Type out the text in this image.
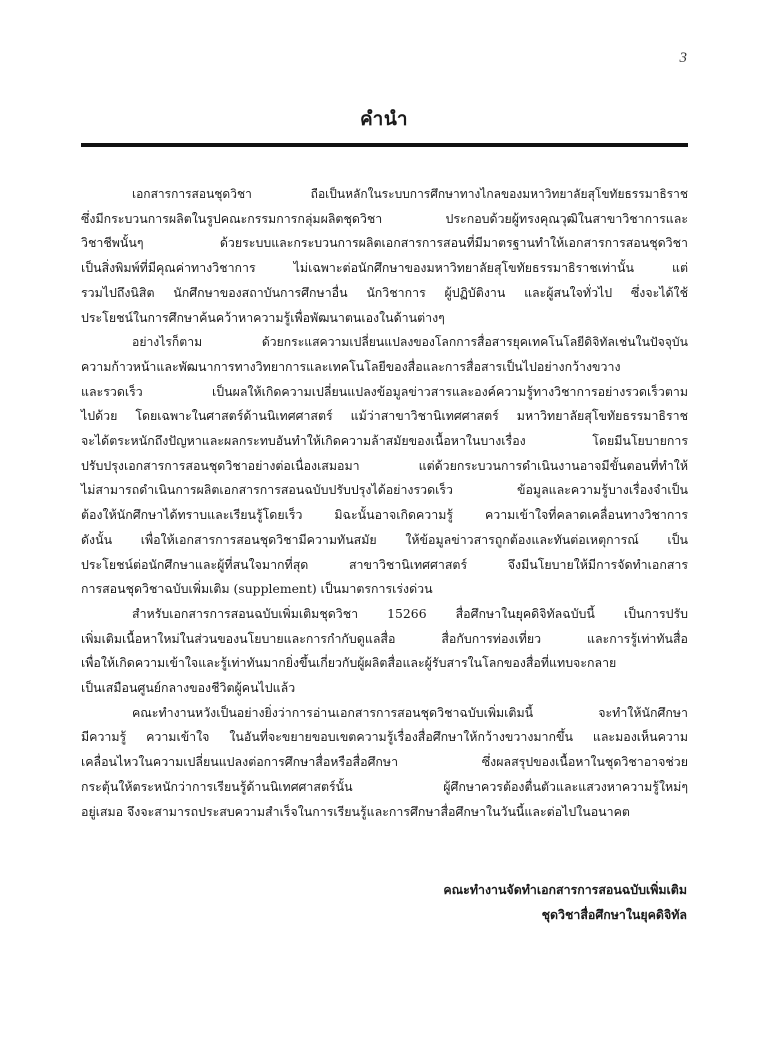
3
คำนำ
เอกสารการสอนชุดวิชา ถือเป็นหลักในระบบการศึกษาทางไกลของมหาวิทยาลัยสุโขทัยธรรมาธิราช
ซึ่งมีกระบวนการผลิตในรูปคณะกรรมการกลุ่มผลิตชุดวิชา ประกอบด้วยผู้ทรงคุณวุฒิในสาขาวิชาการและ
วิชาชีพนั้นๆ ด้วยระบบและกระบวนการผลิตเอกสารการสอนที่มีมาตรฐานทำให้เอกสารการสอนชุดวิชา
เป็นสิ่งพิมพ์ที่มีคุณค่าทางวิชาการ ไม่เฉพาะต่อนักศึกษาของมหาวิทยาลัยสุโขทัยธรรมาธิราชเท่านั้น แต่
รวมไปถึงนิสิต นักศึกษาของสถาบันการศึกษาอื่น นักวิชาการ ผู้ปฏิบัติงาน และผู้สนใจทั่วไป ซึ่งจะได้ใช้
ประโยชน์ในการศึกษาค้นคว้าหาความรู้เพื่อพัฒนาตนเองในด้านต่างๆ
อย่างไรก็ตาม ด้วยกระแสความเปลี่ยนแปลงของโลกการสื่อสารยุคเทคโนโลยีดิจิทัลเช่นในปัจจุบัน
ความก้าวหน้าและพัฒนาการทางวิทยาการและเทคโนโลยีของสื่อและการสื่อสารเป็นไปอย่างกว้างขวาง
และรวดเร็ว เป็นผลให้เกิดความเปลี่ยนแปลงข้อมูลข่าวสารและองค์ความรู้ทางวิชาการอย่างรวดเร็วตาม
ไปด้วย โดยเฉพาะในศาสตร์ด้านนิเทศศาสตร์ แม้ว่าสาขาวิชานิเทศศาสตร์ มหาวิทยาลัยสุโขทัยธรรมาธิราช
จะได้ตระหนักถึงปัญหาและผลกระทบอันทำให้เกิดความล้าสมัยของเนื้อหาในบางเรื่อง โดยมีนโยบายการ
ปรับปรุงเอกสารการสอนชุดวิชาอย่างต่อเนื่องเสมอมา แต่ด้วยกระบวนการดำเนินงานอาจมีขั้นตอนที่ทำให้
ไม่สามารถดำเนินการผลิตเอกสารการสอนฉบับปรับปรุงได้อย่างรวดเร็ว ข้อมูลและความรู้บางเรื่องจำเป็น
ต้องให้นักศึกษาได้ทราบและเรียนรู้โดยเร็ว มิฉะนั้นอาจเกิดความรู้ ความเข้าใจที่คลาดเคลื่อนทางวิชาการ
ดังนั้น เพื่อให้เอกสารการสอนชุดวิชามีความทันสมัย ให้ข้อมูลข่าวสารถูกต้องและทันต่อเหตุการณ์ เป็น
ประโยชน์ต่อนักศึกษาและผู้ที่สนใจมากที่สุด สาขาวิชานิเทศศาสตร์ จึงมีนโยบายให้มีการจัดทำเอกสาร
การสอนชุดวิชาฉบับเพิ่มเติม (supplement) เป็นมาตรการเร่งด่วน
สำหรับเอกสารการสอนฉบับเพิ่มเติมชุดวิชา 15266 สื่อศึกษาในยุคดิจิทัลฉบับนี้ เป็นการปรับ
เพิ่มเติมเนื้อหาใหม่ในส่วนของนโยบายและการกำกับดูแลสื่อ สื่อกับการท่องเที่ยว และการรู้เท่าทันสื่อ
เพื่อให้เกิดความเข้าใจและรู้เท่าทันมากยิ่งขึ้นเกี่ยวกับผู้ผลิตสื่อและผู้รับสารในโลกของสื่อที่แทบจะกลาย
เป็นเสมือนศูนย์กลางของชีวิตผู้คนไปแล้ว
คณะทำงานหวังเป็นอย่างยิ่งว่าการอ่านเอกสารการสอนชุดวิชาฉบับเพิ่มเติมนี้ จะทำให้นักศึกษา
มีความรู้ ความเข้าใจ ในอันที่จะขยายขอบเขตความรู้เรื่องสื่อศึกษาให้กว้างขวางมากขึ้น และมองเห็นความ
เคลื่อนไหวในความเปลี่ยนแปลงต่อการศึกษาสื่อหรือสื่อศึกษา ซึ่งผลสรุปของเนื้อหาในชุดวิชาอาจช่วย
กระตุ้นให้ตระหนักว่าการเรียนรู้ด้านนิเทศศาสตร์นั้น ผู้ศึกษาควรต้องตื่นตัวและแสวงหาความรู้ใหม่ๆ
อยู่เสมอ จึงจะสามารถประสบความสำเร็จในการเรียนรู้และการศึกษาสื่อศึกษาในวันนี้และต่อไปในอนาคต
คณะทำงานจัดทำเอกสารการสอนฉบับเพิ่มเติม
ชุดวิชาสื่อศึกษาในยุคดิจิทัล
